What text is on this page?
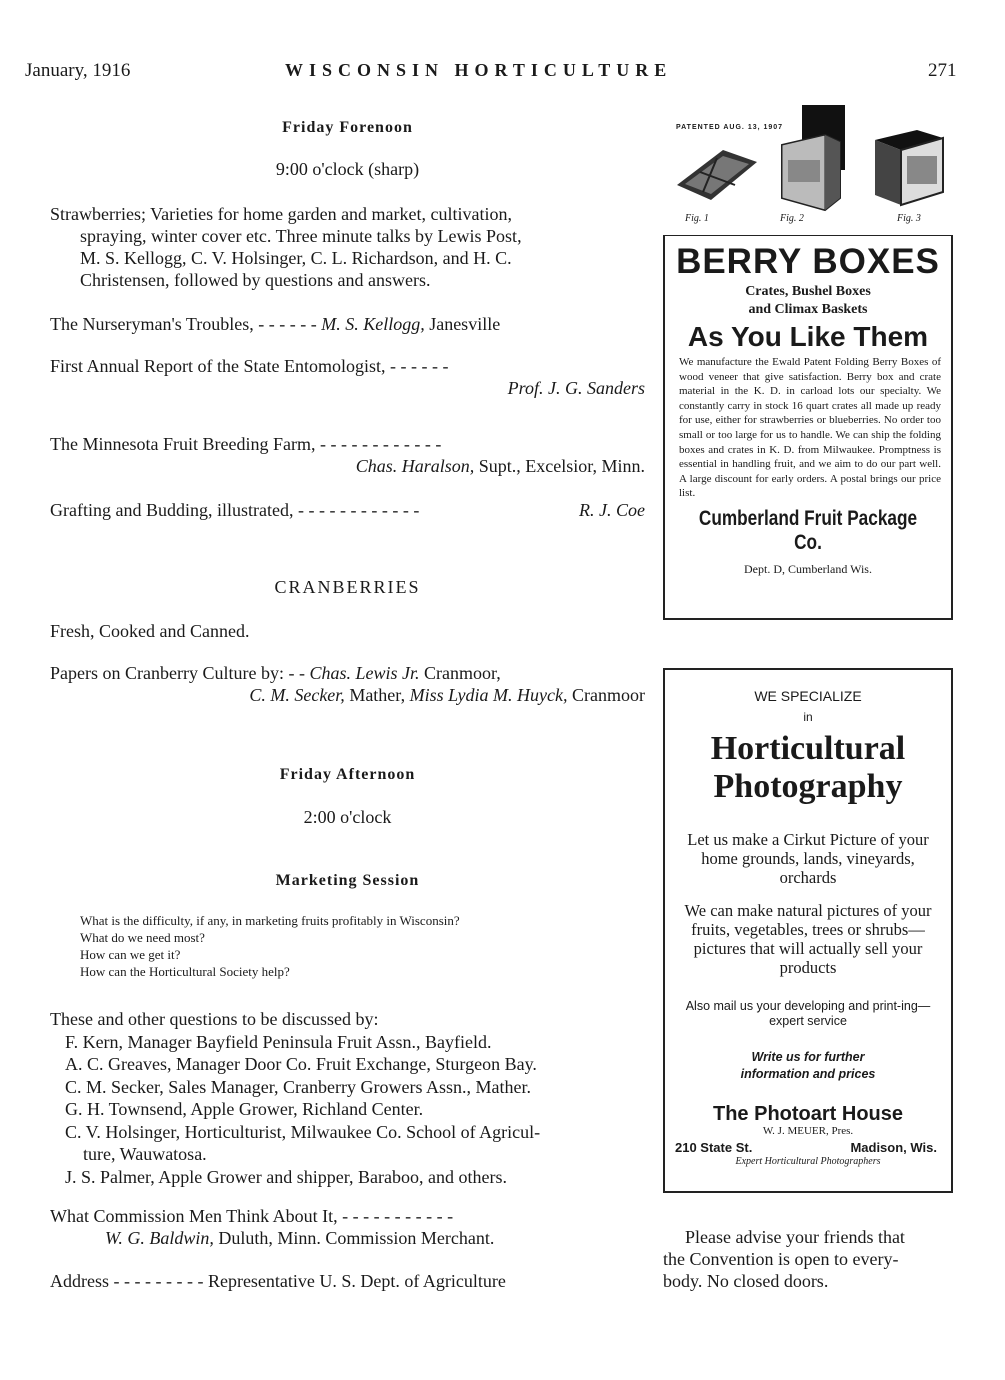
January, 1916	WISCONSIN HORTICULTURE	271
Friday Forenoon
9:00 o'clock (sharp)
Strawberries; Varieties for home garden and market, cultivation,
spraying, winter cover etc. Three minute talks by Lewis Post,
M. S. Kellogg, C. V. Holsinger, C. L. Richardson, and H. C.
Christensen, followed by questions and answers.
The Nurseryman's Troubles, - - - - - - M. S. Kellogg, Janesville
First Annual Report of the State Entomologist, - - - - - -
Prof. J. G. Sanders
The Minnesota Fruit Breeding Farm, - - - - - - - - - - - -
Chas. Haralson, Supt., Excelsior, Minn.
Grafting and Budding, illustrated, - - - - - - - - - - - -	R. J. Coe
CRANBERRIES
Fresh, Cooked and Canned.
Papers on Cranberry Culture by: - - Chas. Lewis Jr. Cranmoor,
C. M. Secker, Mather, Miss Lydia M. Huyck, Cranmoor
Friday Afternoon
2:00 o'clock
Marketing Session
What is the difficulty, if any, in marketing fruits profitably in Wisconsin?
What do we need most?
How can we get it?
How can the Horticultural Society help?
These and other questions to be discussed by:
F. Kern, Manager Bayfield Peninsula Fruit Assn., Bayfield.
A. C. Greaves, Manager Door Co. Fruit Exchange, Sturgeon Bay.
C. M. Secker, Sales Manager, Cranberry Growers Assn., Mather.
G. H. Townsend, Apple Grower, Richland Center.
C. V. Holsinger, Horticulturist, Milwaukee Co. School of Agricul-
ture, Wauwatosa.
J. S. Palmer, Apple Grower and shipper, Baraboo, and others.
What Commission Men Think About It, - - - - - - - - - - -
W. G. Baldwin, Duluth, Minn. Commission Merchant.
Address - - - - - - - - - Representative U. S. Dept. of Agriculture
PATENTED AUG. 13, 1907
Fig. 1	Fig. 2	Fig. 3
BERRY BOXES
Crates, Bushel Boxes
and Climax Baskets
As You Like Them
We manufacture the Ewald Patent Folding Berry Boxes of wood veneer that give satisfaction. Berry box and crate material in the K. D. in carload lots our specialty. We constantly carry in stock 16 quart crates all made up ready for use, either for strawberries or blueberries. No order too small or too large for us to handle. We can ship the folding boxes and crates in K. D. from Milwaukee. Promptness is essential in handling fruit, and we aim to do our part well. A large discount for early orders. A postal brings our price list.
Cumberland Fruit Package Co.
Dept. D, Cumberland Wis.
WE SPECIALIZE
in
Horticultural
Photography
Let us make a Cirkut Picture of your home grounds, lands, vineyards, orchards
We can make natural pictures of your fruits, vegetables, trees or shrubs—pictures that will actually sell your products
Also mail us your developing and print-ing—expert service
Write us for further
information and prices
The Photoart House
W. J. MEUER, Pres.
210 State St.	Madison, Wis.
Expert Horticultural Photographers
Please advise your friends that
the Convention is open to every-
body. No closed doors.
